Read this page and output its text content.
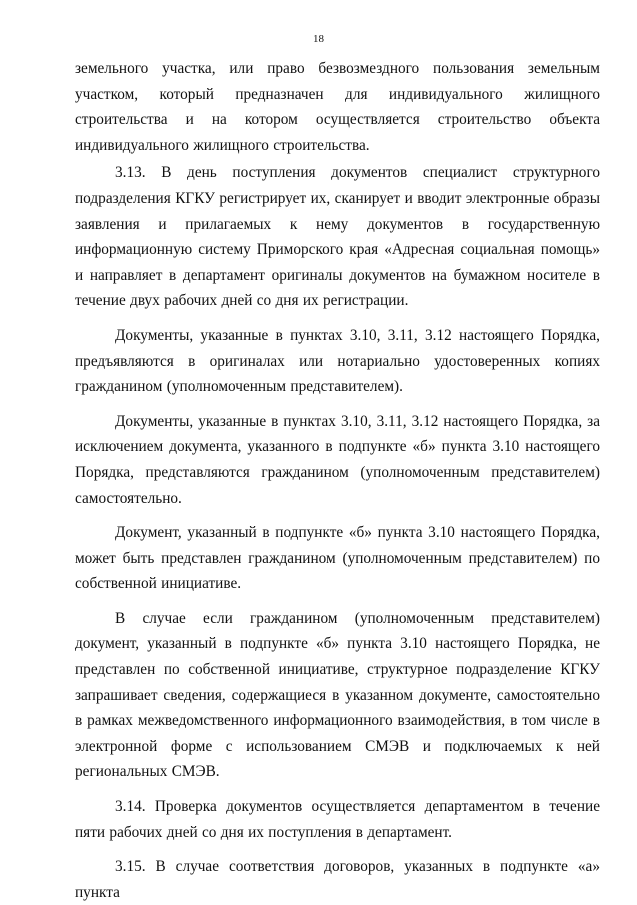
18

земельного участка, или право безвозмездного пользования земельным участком, который предназначен для индивидуального жилищного строительства и на котором осуществляется строительство объекта индивидуального жилищного строительства.

3.13. В день поступления документов специалист структурного подразделения КГКУ регистрирует их, сканирует и вводит электронные образы заявления и прилагаемых к нему документов в государственную информационную систему Приморского края «Адресная социальная помощь» и направляет в департамент оригиналы документов на бумажном носителе в течение двух рабочих дней со дня их регистрации.

Документы, указанные в пунктах 3.10, 3.11, 3.12 настоящего Порядка, предъявляются в оригиналах или нотариально удостоверенных копиях гражданином (уполномоченным представителем).

Документы, указанные в пунктах 3.10, 3.11, 3.12 настоящего Порядка, за исключением документа, указанного в подпункте «б» пункта 3.10 настоящего Порядка, представляются гражданином (уполномоченным представителем) самостоятельно.

Документ, указанный в подпункте «б» пункта 3.10 настоящего Порядка, может быть представлен гражданином (уполномоченным представителем) по собственной инициативе.

В случае если гражданином (уполномоченным представителем) документ, указанный в подпункте «б» пункта 3.10 настоящего Порядка, не представлен по собственной инициативе, структурное подразделение КГКУ запрашивает сведения, содержащиеся в указанном документе, самостоятельно в рамках межведомственного информационного взаимодействия, в том числе в электронной форме с использованием СМЭВ и подключаемых к ней региональных СМЭВ.

3.14. Проверка документов осуществляется департаментом в течение пяти рабочих дней со дня их поступления в департамент.

3.15. В случае соответствия договоров, указанных в подпункте «а» пункта
